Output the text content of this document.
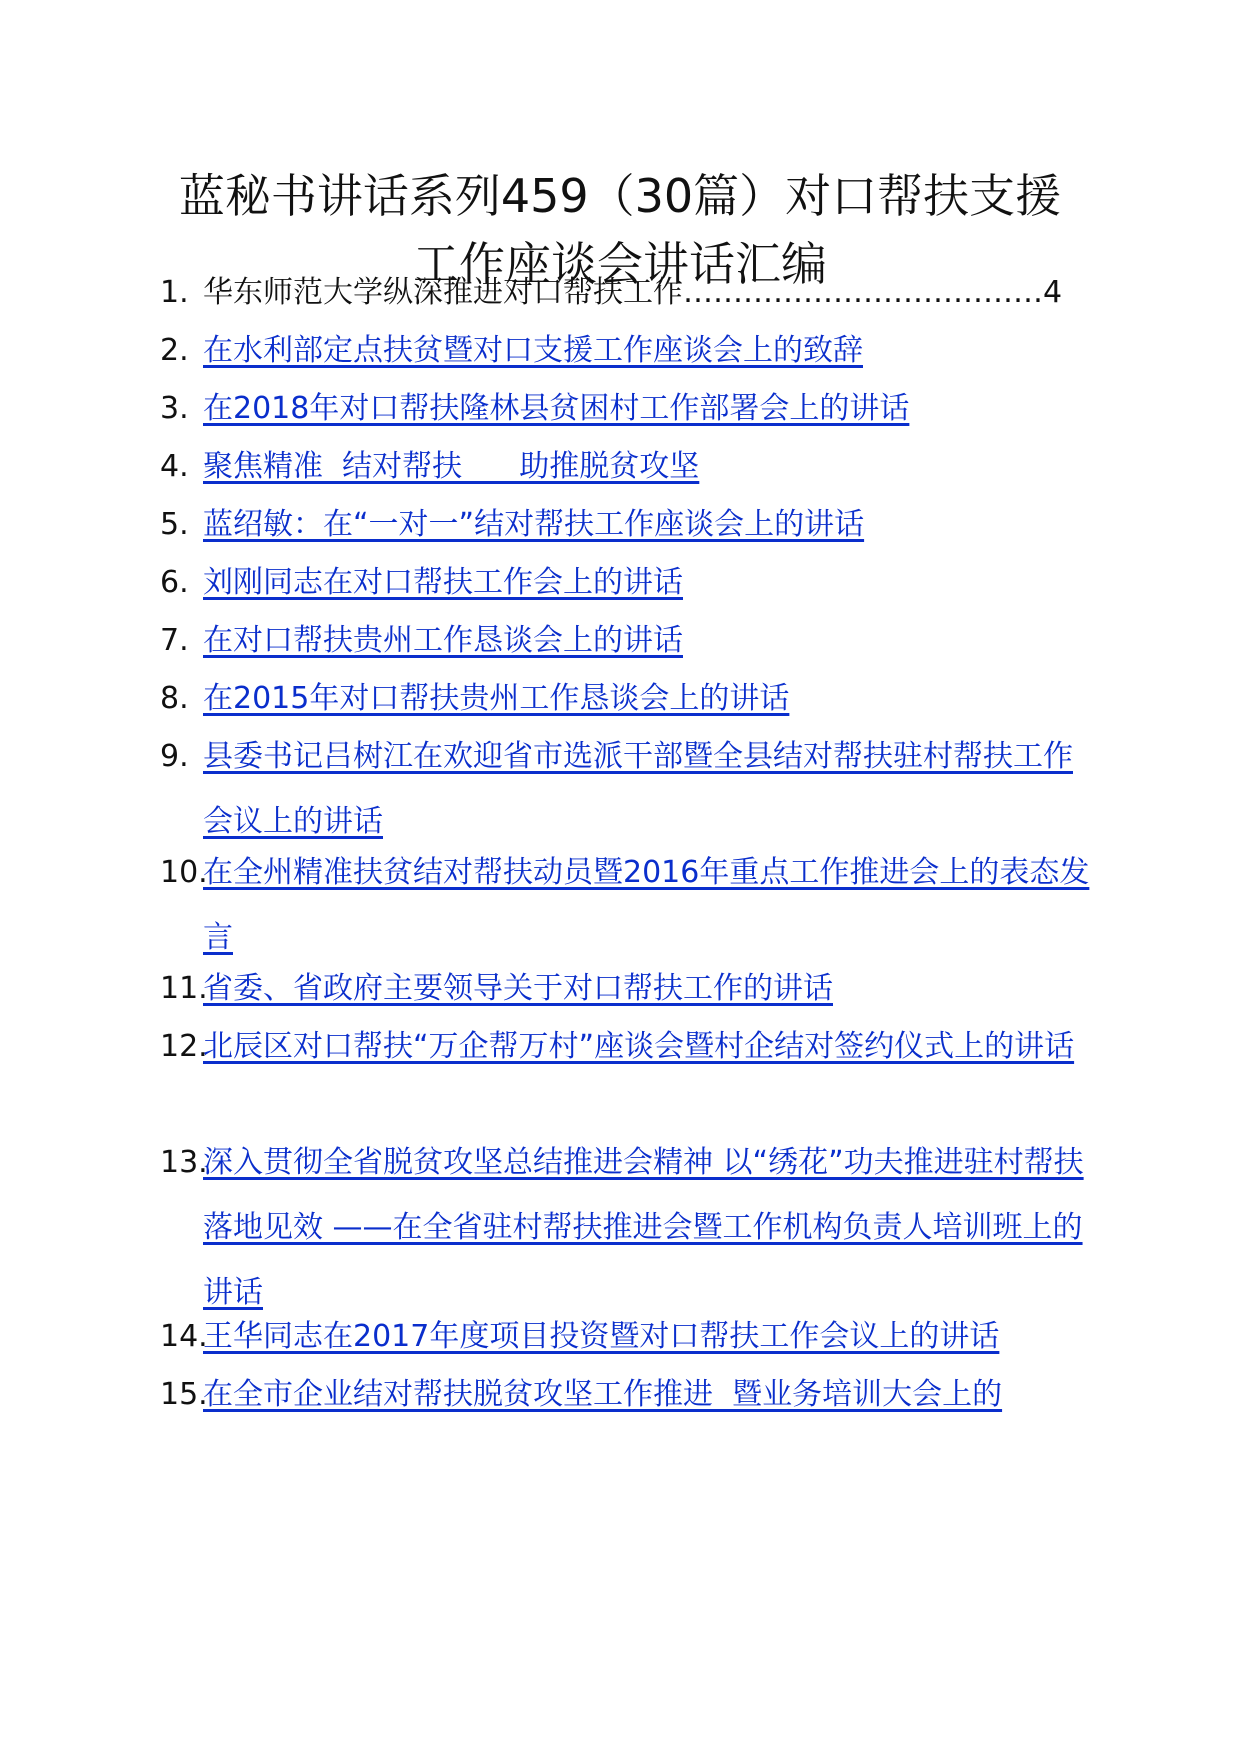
蓝秘书讲话系列459（30篇）对口帮扶支援
工作座谈会讲话汇编
1. 华东师范大学纵深推进对口帮扶工作………………………………4
2. 在水利部定点扶贫暨对口支援工作座谈会上的致辞
3. 在2018年对口帮扶隆林县贫困村工作部署会上的讲话
4. 聚焦精准  结对帮扶      助推脱贫攻坚
5. 蓝绍敏：在“一对一”结对帮扶工作座谈会上的讲话
6. 刘刚同志在对口帮扶工作会上的讲话
7. 在对口帮扶贵州工作恳谈会上的讲话
8. 在2015年对口帮扶贵州工作恳谈会上的讲话
9. 县委书记吕树江在欢迎省市选派干部暨全县结对帮扶驻村帮扶工作会议上的讲话
10.
在全州精准扶贫结对帮扶动员暨2016年重点工作推进会上的表态发言
11.
省委、省政府主要领导关于对口帮扶工作的讲话
12.
北辰区对口帮扶“万企帮万村”座谈会暨村企结对签约仪式上的讲话
13.
深入贯彻全省脱贫攻坚总结推进会精神 以“绣花”功夫推进驻村帮扶落地见效 ——在全省驻村帮扶推进会暨工作机构负责人培训班上的讲话
14.
王华同志在2017年度项目投资暨对口帮扶工作会议上的讲话
15.
在全市企业结对帮扶脱贫攻坚工作推进  暨业务培训大会上的
